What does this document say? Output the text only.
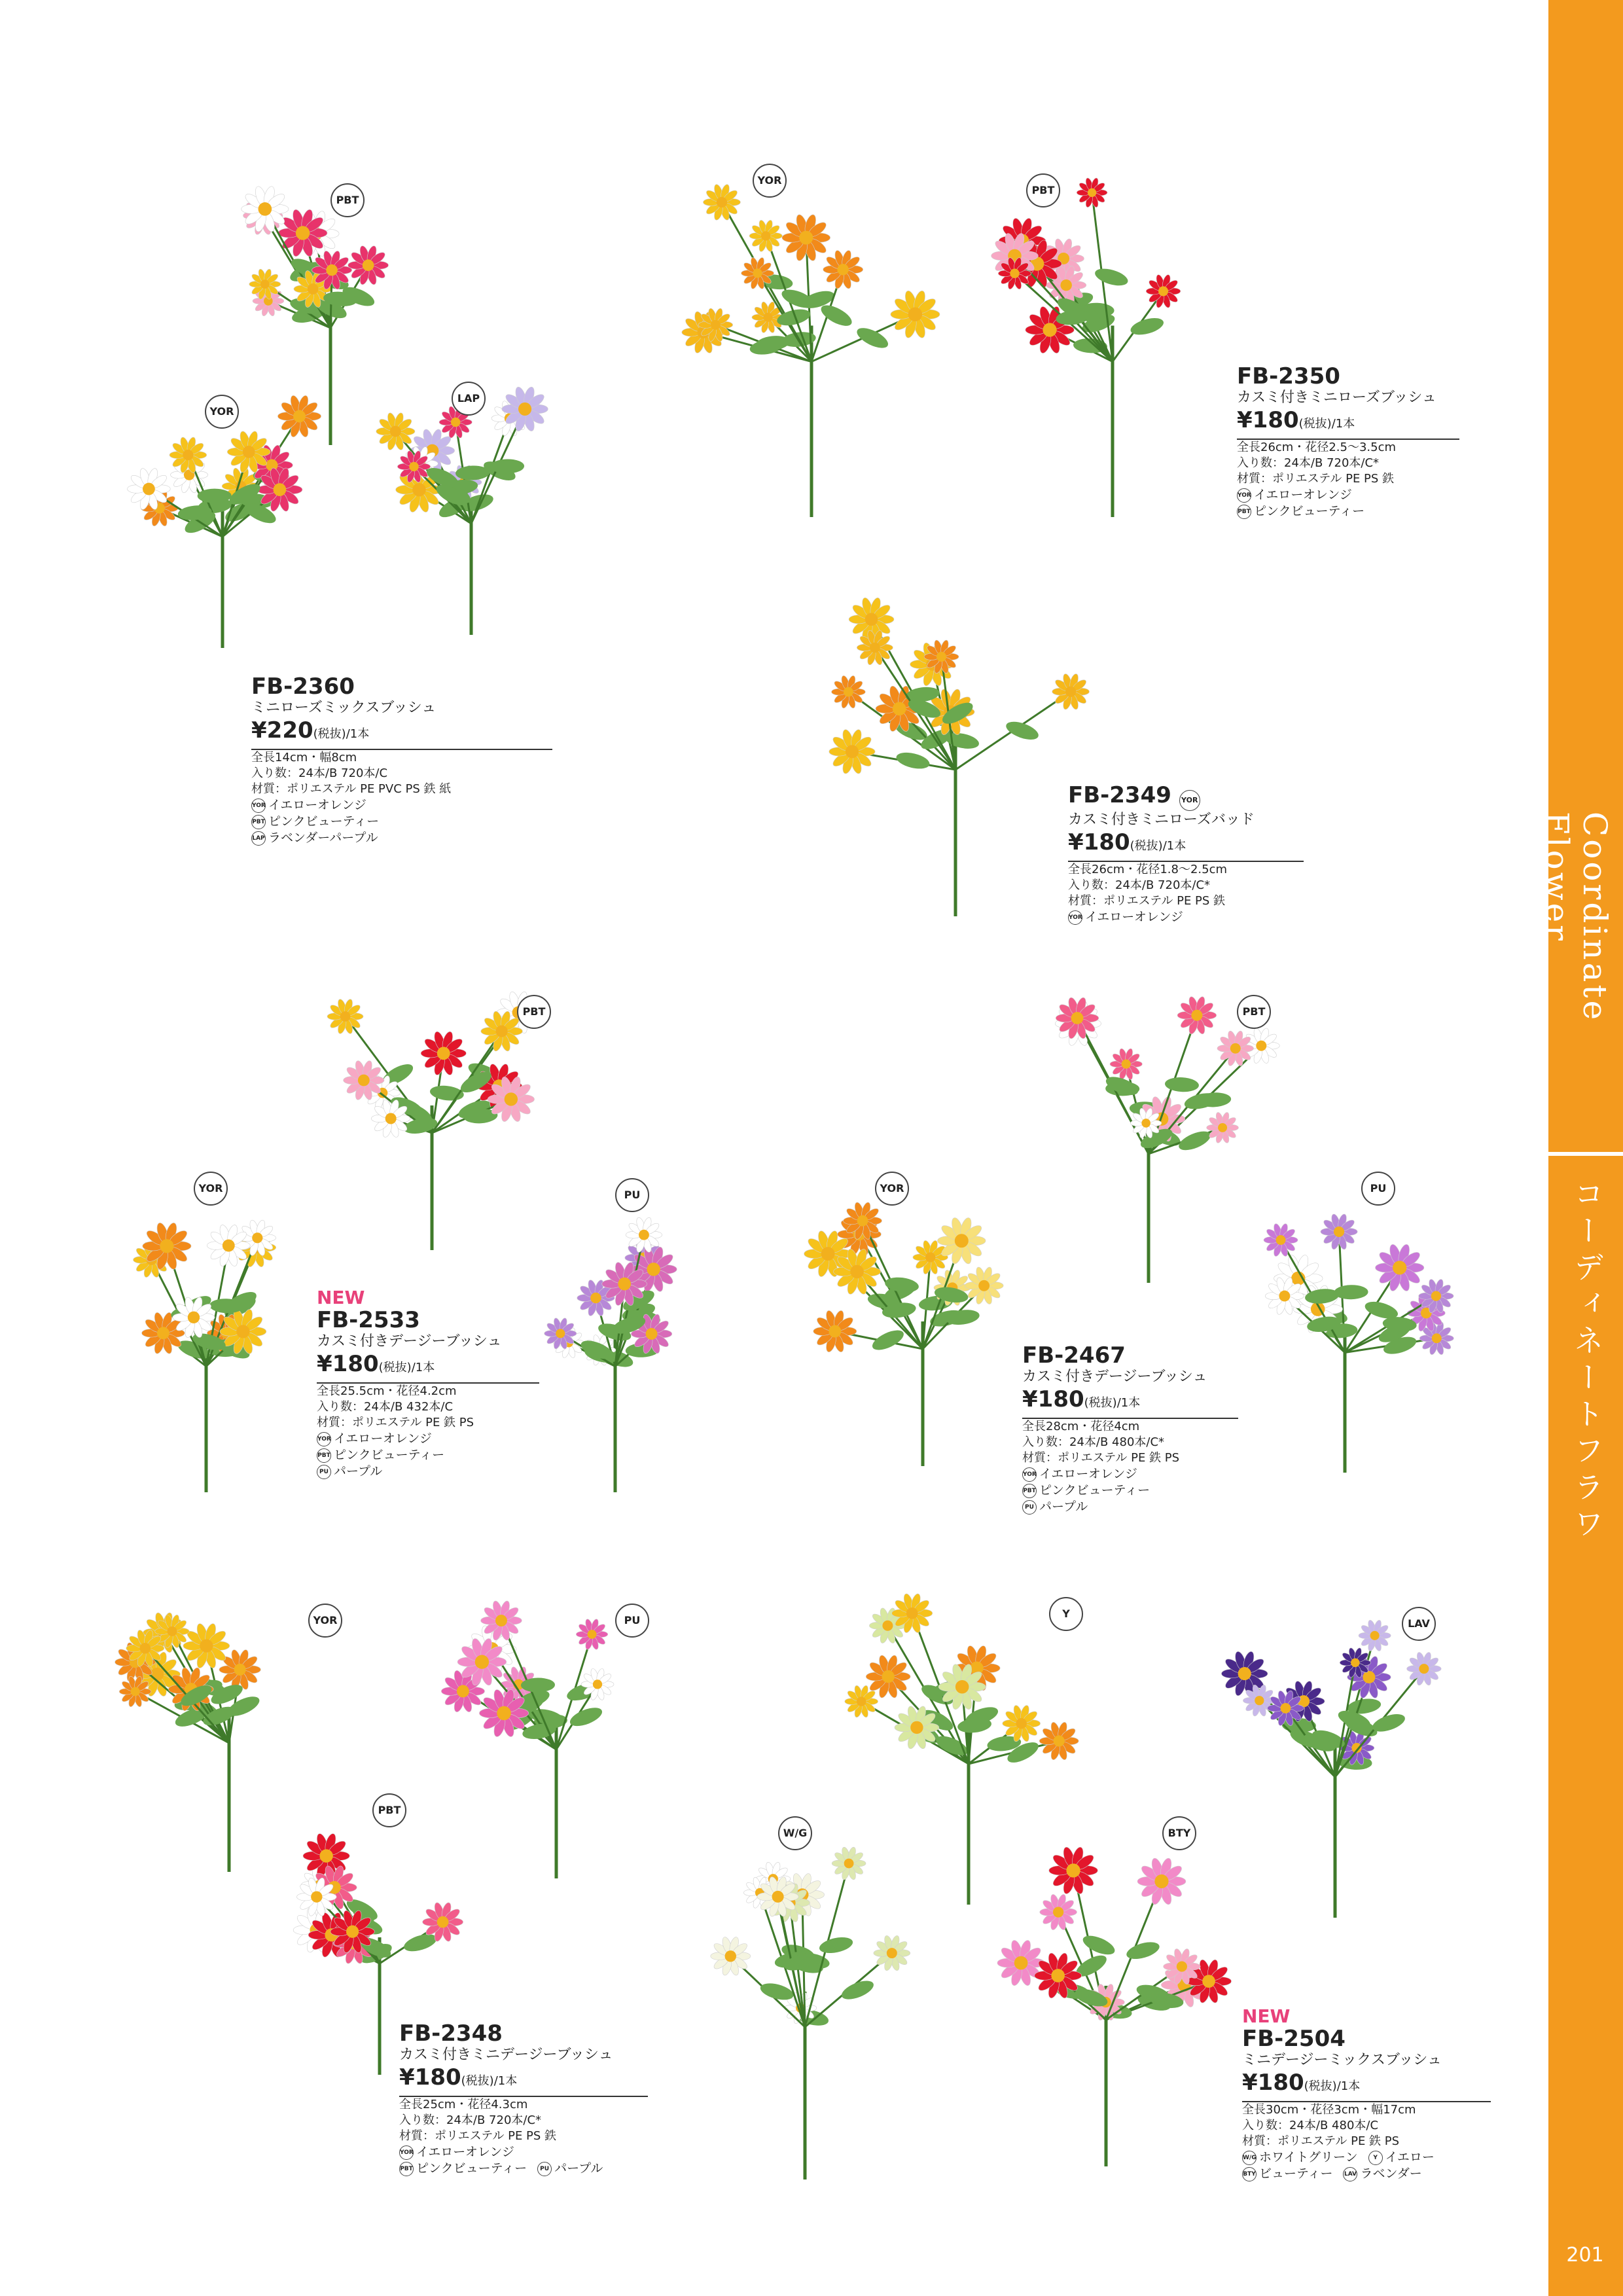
Coordinate Flower
コーディネートフラワー
201
PBT
YOR
LAP
YOR
PBT
PBT
YOR
PU
YOR
PBT
PU
YOR	PU
PBT
Y
LAV
W/G	BTY
FB-2360
ミニローズミックスブッシュ
¥220(税抜)/1本
全長14cm・幅8cm
入り数：24本/B 720本/C
材質：ポリエステル PE PVC PS 鉄 紙
YOR イエローオレンジ
PBT ピンクビューティー
LAP ラベンダーパープル
FB-2350
カスミ付きミニローズブッシュ
¥180(税抜)/1本
全長26cm・花径2.5〜3.5cm
入り数：24本/B 720本/C*
材質：ポリエステル PE PS 鉄
YOR イエローオレンジ
PBT ピンクビューティー
FB-2349 YOR
カスミ付きミニローズバッド
¥180(税抜)/1本
全長26cm・花径1.8〜2.5cm
入り数：24本/B 720本/C*
材質：ポリエステル PE PS 鉄
YOR イエローオレンジ
NEW
FB-2533
カスミ付きデージーブッシュ
¥180(税抜)/1本
全長25.5cm・花径4.2cm
入り数：24本/B 432本/C
材質：ポリエステル PE 鉄 PS
YOR イエローオレンジ
PBT ピンクビューティー
PU パープル
FB-2467
カスミ付きデージーブッシュ
¥180(税抜)/1本
全長28cm・花径4cm
入り数：24本/B 480本/C*
材質：ポリエステル PE 鉄 PS
YOR イエローオレンジ
PBT ピンクビューティー
PU パープル
FB-2348
カスミ付きミニデージーブッシュ
¥180(税抜)/1本
全長25cm・花径4.3cm
入り数：24本/B 720本/C*
材質：ポリエステル PE PS 鉄
YOR イエローオレンジ
PBT ピンクビューティー	PU パープル
NEW
FB-2504
ミニデージーミックスブッシュ
¥180(税抜)/1本
全長30cm・花径3cm・幅17cm
入り数：24本/B 480本/C
材質：ポリエステル PE 鉄 PS
W/G ホワイトグリーン	Y イエロー
BTY ビューティー LAV ラベンダー
